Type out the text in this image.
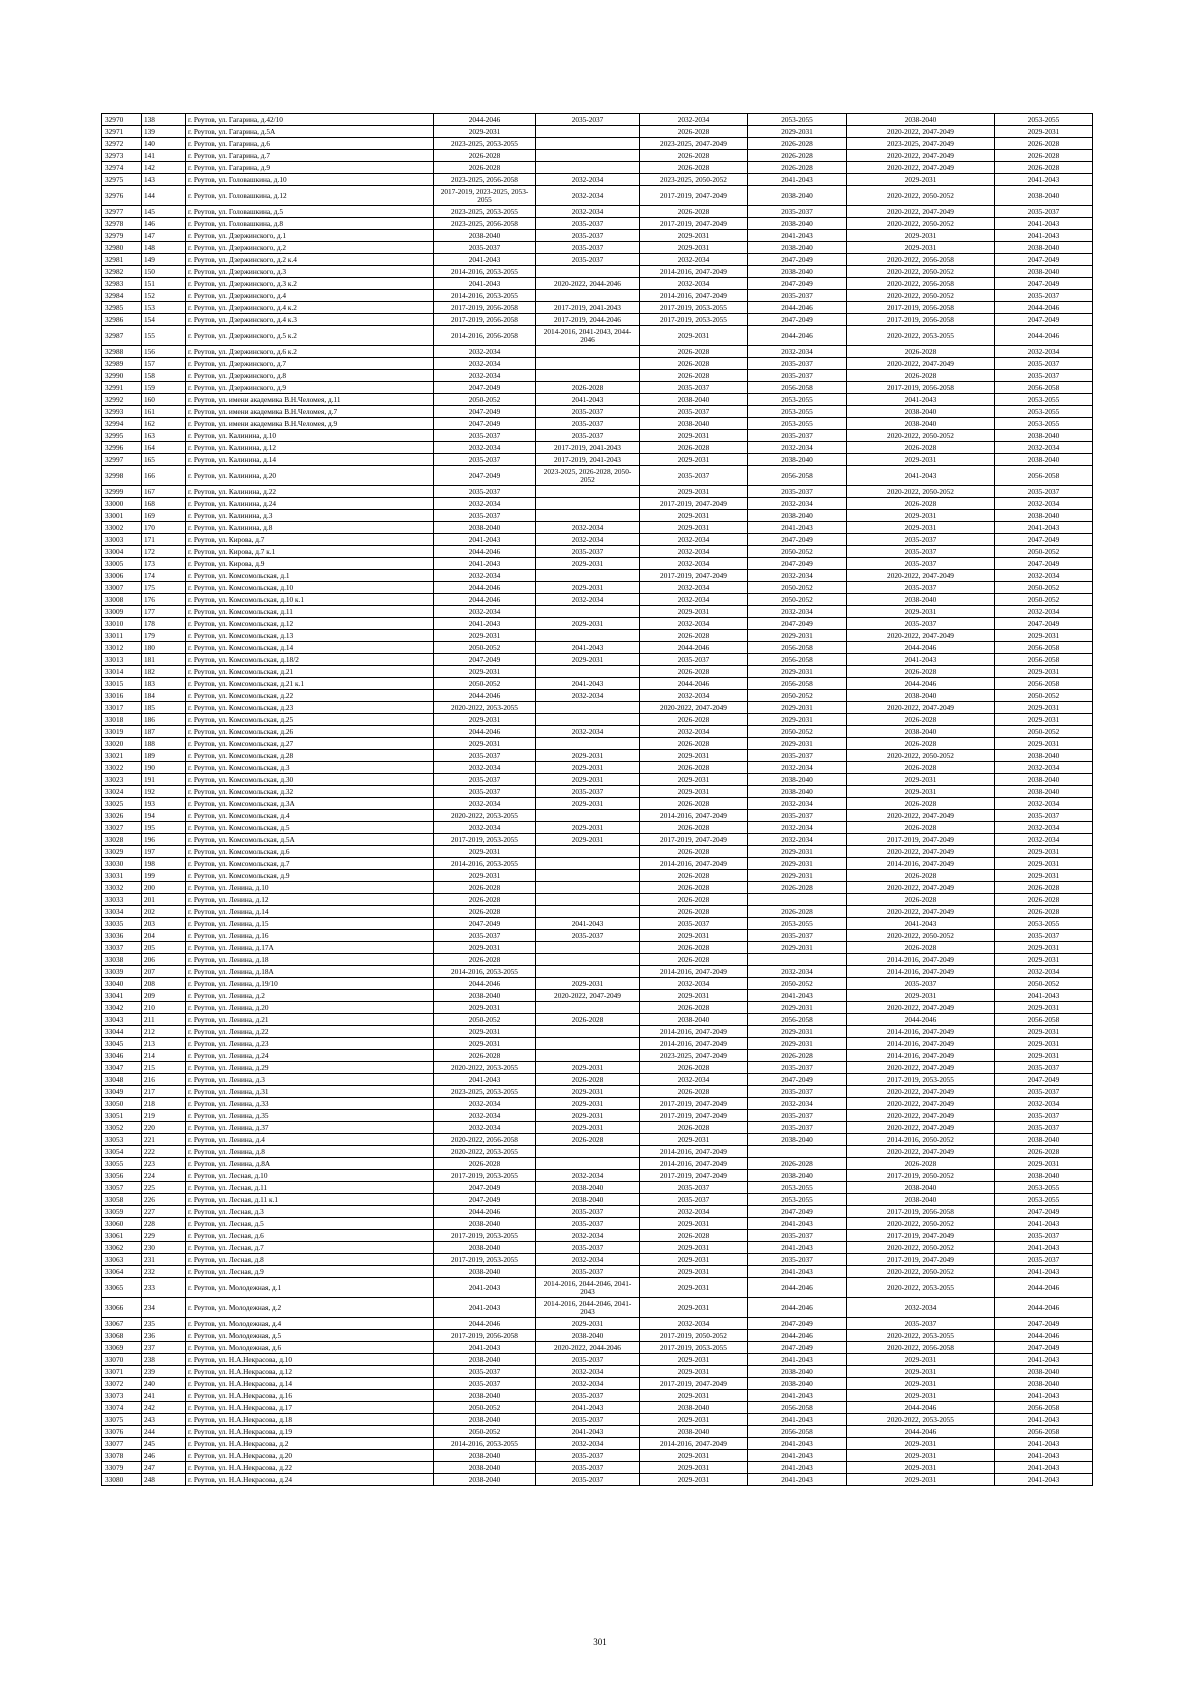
32970	138	г. Реутов, ул. Гагарина, д.42/10	2044-2046	2035-2037	2032-2034	2053-2055	2038-2040	2053-2055
32971	139	г. Реутов, ул. Гагарина, д.5А	2029-2031		2026-2028	2029-2031	2020-2022, 2047-2049	2029-2031
32972	140	г. Реутов, ул. Гагарина, д.6	2023-2025, 2053-2055		2023-2025, 2047-2049	2026-2028	2023-2025, 2047-2049	2026-2028
32973	141	г. Реутов, ул. Гагарина, д.7	2026-2028		2026-2028	2026-2028	2020-2022, 2047-2049	2026-2028
32974	142	г. Реутов, ул. Гагарина, д.9	2026-2028		2026-2028	2026-2028	2020-2022, 2047-2049	2026-2028
32975	143	г. Реутов, ул. Головашкина, д.10	2023-2025, 2056-2058	2032-2034	2023-2025, 2050-2052	2041-2043	2029-2031	2041-2043
32976	144	г. Реутов, ул. Головашкина, д.12	2017-2019, 2023-2025, 2053-2055	2032-2034	2017-2019, 2047-2049	2038-2040	2020-2022, 2050-2052	2038-2040
32977	145	г. Реутов, ул. Головашкина, д.5	2023-2025, 2053-2055	2032-2034	2026-2028	2035-2037	2020-2022, 2047-2049	2035-2037
32978	146	г. Реутов, ул. Головашкина, д.8	2023-2025, 2056-2058	2035-2037	2017-2019, 2047-2049	2038-2040	2020-2022, 2050-2052	2041-2043
32979	147	г. Реутов, ул. Дзержинского, д.1	2038-2040	2035-2037	2029-2031	2041-2043	2029-2031	2041-2043
32980	148	г. Реутов, ул. Дзержинского, д.2	2035-2037	2035-2037	2029-2031	2038-2040	2029-2031	2038-2040
32981	149	г. Реутов, ул. Дзержинского, д.2 к.4	2041-2043	2035-2037	2032-2034	2047-2049	2020-2022, 2056-2058	2047-2049
32982	150	г. Реутов, ул. Дзержинского, д.3	2014-2016, 2053-2055		2014-2016, 2047-2049	2038-2040	2020-2022, 2050-2052	2038-2040
32983	151	г. Реутов, ул. Дзержинского, д.3 к.2	2041-2043	2020-2022, 2044-2046	2032-2034	2047-2049	2020-2022, 2056-2058	2047-2049
32984	152	г. Реутов, ул. Дзержинского, д.4	2014-2016, 2053-2055		2014-2016, 2047-2049	2035-2037	2020-2022, 2050-2052	2035-2037
32985	153	г. Реутов, ул. Дзержинского, д.4 к.2	2017-2019, 2056-2058	2017-2019, 2041-2043	2017-2019, 2053-2055	2044-2046	2017-2019, 2056-2058	2044-2046
32986	154	г. Реутов, ул. Дзержинского, д.4 к.3	2017-2019, 2056-2058	2017-2019, 2044-2046	2017-2019, 2053-2055	2047-2049	2017-2019, 2056-2058	2047-2049
32987	155	г. Реутов, ул. Дзержинского, д.5 к.2	2014-2016, 2056-2058	2014-2016, 2041-2043, 2044-2046	2029-2031	2044-2046	2020-2022, 2053-2055	2044-2046
32988	156	г. Реутов, ул. Дзержинского, д.6 к.2	2032-2034		2026-2028	2032-2034	2026-2028	2032-2034
32989	157	г. Реутов, ул. Дзержинского, д.7	2032-2034		2026-2028	2035-2037	2020-2022, 2047-2049	2035-2037
32990	158	г. Реутов, ул. Дзержинского, д.8	2032-2034		2026-2028	2035-2037	2026-2028	2035-2037
32991	159	г. Реутов, ул. Дзержинского, д.9	2047-2049	2026-2028	2035-2037	2056-2058	2017-2019, 2056-2058	2056-2058
32992	160	г. Реутов, ул. имени академика В.Н.Челомея, д.11	2050-2052	2041-2043	2038-2040	2053-2055	2041-2043	2053-2055
32993	161	г. Реутов, ул. имени академика В.Н.Челомея, д.7	2047-2049	2035-2037	2035-2037	2053-2055	2038-2040	2053-2055
32994	162	г. Реутов, ул. имени академика В.Н.Челомея, д.9	2047-2049	2035-2037	2038-2040	2053-2055	2038-2040	2053-2055
32995	163	г. Реутов, ул. Калинина, д.10	2035-2037	2035-2037	2029-2031	2035-2037	2020-2022, 2050-2052	2038-2040
32996	164	г. Реутов, ул. Калинина, д.12	2032-2034	2017-2019, 2041-2043	2026-2028	2032-2034	2026-2028	2032-2034
32997	165	г. Реутов, ул. Калинина, д.14	2035-2037	2017-2019, 2041-2043	2029-2031	2038-2040	2029-2031	2038-2040
32998	166	г. Реутов, ул. Калинина, д.20	2047-2049	2023-2025, 2026-2028, 2050-2052	2035-2037	2056-2058	2041-2043	2056-2058
32999	167	г. Реутов, ул. Калинина, д.22	2035-2037		2029-2031	2035-2037	2020-2022, 2050-2052	2035-2037
33000	168	г. Реутов, ул. Калинина, д.24	2032-2034		2017-2019, 2047-2049	2032-2034	2026-2028	2032-2034
33001	169	г. Реутов, ул. Калинина, д.3	2035-2037		2029-2031	2038-2040	2029-2031	2038-2040
33002	170	г. Реутов, ул. Калинина, д.8	2038-2040	2032-2034	2029-2031	2041-2043	2029-2031	2041-2043
33003	171	г. Реутов, ул. Кирова, д.7	2041-2043	2032-2034	2032-2034	2047-2049	2035-2037	2047-2049
33004	172	г. Реутов, ул. Кирова, д.7 к.1	2044-2046	2035-2037	2032-2034	2050-2052	2035-2037	2050-2052
33005	173	г. Реутов, ул. Кирова, д.9	2041-2043	2029-2031	2032-2034	2047-2049	2035-2037	2047-2049
33006	174	г. Реутов, ул. Комсомольская, д.1	2032-2034		2017-2019, 2047-2049	2032-2034	2020-2022, 2047-2049	2032-2034
33007	175	г. Реутов, ул. Комсомольская, д.10	2044-2046	2029-2031	2032-2034	2050-2052	2035-2037	2050-2052
33008	176	г. Реутов, ул. Комсомольская, д.10 к.1	2044-2046	2032-2034	2032-2034	2050-2052	2038-2040	2050-2052
33009	177	г. Реутов, ул. Комсомольская, д.11	2032-2034		2029-2031	2032-2034	2029-2031	2032-2034
33010	178	г. Реутов, ул. Комсомольская, д.12	2041-2043	2029-2031	2032-2034	2047-2049	2035-2037	2047-2049
33011	179	г. Реутов, ул. Комсомольская, д.13	2029-2031		2026-2028	2029-2031	2020-2022, 2047-2049	2029-2031
33012	180	г. Реутов, ул. Комсомольская, д.14	2050-2052	2041-2043	2044-2046	2056-2058	2044-2046	2056-2058
33013	181	г. Реутов, ул. Комсомольская, д.18/2	2047-2049	2029-2031	2035-2037	2056-2058	2041-2043	2056-2058
33014	182	г. Реутов, ул. Комсомольская, д.21	2029-2031		2026-2028	2029-2031	2026-2028	2029-2031
33015	183	г. Реутов, ул. Комсомольская, д.21 к.1	2050-2052	2041-2043	2044-2046	2056-2058	2044-2046	2056-2058
33016	184	г. Реутов, ул. Комсомольская, д.22	2044-2046	2032-2034	2032-2034	2050-2052	2038-2040	2050-2052
33017	185	г. Реутов, ул. Комсомольская, д.23	2020-2022, 2053-2055		2020-2022, 2047-2049	2029-2031	2020-2022, 2047-2049	2029-2031
33018	186	г. Реутов, ул. Комсомольская, д.25	2029-2031		2026-2028	2029-2031	2026-2028	2029-2031
33019	187	г. Реутов, ул. Комсомольская, д.26	2044-2046	2032-2034	2032-2034	2050-2052	2038-2040	2050-2052
33020	188	г. Реутов, ул. Комсомольская, д.27	2029-2031		2026-2028	2029-2031	2026-2028	2029-2031
33021	189	г. Реутов, ул. Комсомольская, д.28	2035-2037	2029-2031	2029-2031	2035-2037	2020-2022, 2050-2052	2038-2040
33022	190	г. Реутов, ул. Комсомольская, д.3	2032-2034	2029-2031	2026-2028	2032-2034	2026-2028	2032-2034
33023	191	г. Реутов, ул. Комсомольская, д.30	2035-2037	2029-2031	2029-2031	2038-2040	2029-2031	2038-2040
33024	192	г. Реутов, ул. Комсомольская, д.32	2035-2037	2035-2037	2029-2031	2038-2040	2029-2031	2038-2040
33025	193	г. Реутов, ул. Комсомольская, д.3А	2032-2034	2029-2031	2026-2028	2032-2034	2026-2028	2032-2034
33026	194	г. Реутов, ул. Комсомольская, д.4	2020-2022, 2053-2055		2014-2016, 2047-2049	2035-2037	2020-2022, 2047-2049	2035-2037
33027	195	г. Реутов, ул. Комсомольская, д.5	2032-2034	2029-2031	2026-2028	2032-2034	2026-2028	2032-2034
33028	196	г. Реутов, ул. Комсомольская, д.5А	2017-2019, 2053-2055	2029-2031	2017-2019, 2047-2049	2032-2034	2017-2019, 2047-2049	2032-2034
33029	197	г. Реутов, ул. Комсомольская, д.6	2029-2031		2026-2028	2029-2031	2020-2022, 2047-2049	2029-2031
33030	198	г. Реутов, ул. Комсомольская, д.7	2014-2016, 2053-2055		2014-2016, 2047-2049	2029-2031	2014-2016, 2047-2049	2029-2031
33031	199	г. Реутов, ул. Комсомольская, д.9	2029-2031		2026-2028	2029-2031	2026-2028	2029-2031
33032	200	г. Реутов, ул. Ленина, д.10	2026-2028		2026-2028	2026-2028	2020-2022, 2047-2049	2026-2028
33033	201	г. Реутов, ул. Ленина, д.12	2026-2028		2026-2028		2026-2028	2026-2028
33034	202	г. Реутов, ул. Ленина, д.14	2026-2028		2026-2028	2026-2028	2020-2022, 2047-2049	2026-2028
33035	203	г. Реутов, ул. Ленина, д.15	2047-2049	2041-2043	2035-2037	2053-2055	2041-2043	2053-2055
33036	204	г. Реутов, ул. Ленина, д.16	2035-2037	2035-2037	2029-2031	2035-2037	2020-2022, 2050-2052	2035-2037
33037	205	г. Реутов, ул. Ленина, д.17А	2029-2031		2026-2028	2029-2031	2026-2028	2029-2031
33038	206	г. Реутов, ул. Ленина, д.18	2026-2028		2026-2028		2014-2016, 2047-2049	2029-2031
33039	207	г. Реутов, ул. Ленина, д.18А	2014-2016, 2053-2055		2014-2016, 2047-2049	2032-2034	2014-2016, 2047-2049	2032-2034
33040	208	г. Реутов, ул. Ленина, д.19/10	2044-2046	2029-2031	2032-2034	2050-2052	2035-2037	2050-2052
33041	209	г. Реутов, ул. Ленина, д.2	2038-2040	2020-2022, 2047-2049	2029-2031	2041-2043	2029-2031	2041-2043
33042	210	г. Реутов, ул. Ленина, д.20	2029-2031		2026-2028	2029-2031	2020-2022, 2047-2049	2029-2031
33043	211	г. Реутов, ул. Ленина, д.21	2050-2052	2026-2028	2038-2040	2056-2058	2044-2046	2056-2058
33044	212	г. Реутов, ул. Ленина, д.22	2029-2031		2014-2016, 2047-2049	2029-2031	2014-2016, 2047-2049	2029-2031
33045	213	г. Реутов, ул. Ленина, д.23	2029-2031		2014-2016, 2047-2049	2029-2031	2014-2016, 2047-2049	2029-2031
33046	214	г. Реутов, ул. Ленина, д.24	2026-2028		2023-2025, 2047-2049	2026-2028	2014-2016, 2047-2049	2029-2031
33047	215	г. Реутов, ул. Ленина, д.29	2020-2022, 2053-2055	2029-2031	2026-2028	2035-2037	2020-2022, 2047-2049	2035-2037
33048	216	г. Реутов, ул. Ленина, д.3	2041-2043	2026-2028	2032-2034	2047-2049	2017-2019, 2053-2055	2047-2049
33049	217	г. Реутов, ул. Ленина, д.31	2023-2025, 2053-2055	2029-2031	2026-2028	2035-2037	2020-2022, 2047-2049	2035-2037
33050	218	г. Реутов, ул. Ленина, д.33	2032-2034	2029-2031	2017-2019, 2047-2049	2032-2034	2020-2022, 2047-2049	2032-2034
33051	219	г. Реутов, ул. Ленина, д.35	2032-2034	2029-2031	2017-2019, 2047-2049	2035-2037	2020-2022, 2047-2049	2035-2037
33052	220	г. Реутов, ул. Ленина, д.37	2032-2034	2029-2031	2026-2028	2035-2037	2020-2022, 2047-2049	2035-2037
33053	221	г. Реутов, ул. Ленина, д.4	2020-2022, 2056-2058	2026-2028	2029-2031	2038-2040	2014-2016, 2050-2052	2038-2040
33054	222	г. Реутов, ул. Ленина, д.8	2020-2022, 2053-2055		2014-2016, 2047-2049		2020-2022, 2047-2049	2026-2028
33055	223	г. Реутов, ул. Ленина, д.8А	2026-2028		2014-2016, 2047-2049	2026-2028	2026-2028	2029-2031
33056	224	г. Реутов, ул. Лесная, д.10	2017-2019, 2053-2055	2032-2034	2017-2019, 2047-2049	2038-2040	2017-2019, 2050-2052	2038-2040
33057	225	г. Реутов, ул. Лесная, д.11	2047-2049	2038-2040	2035-2037	2053-2055	2038-2040	2053-2055
33058	226	г. Реутов, ул. Лесная, д.11 к.1	2047-2049	2038-2040	2035-2037	2053-2055	2038-2040	2053-2055
33059	227	г. Реутов, ул. Лесная, д.3	2044-2046	2035-2037	2032-2034	2047-2049	2017-2019, 2056-2058	2047-2049
33060	228	г. Реутов, ул. Лесная, д.5	2038-2040	2035-2037	2029-2031	2041-2043	2020-2022, 2050-2052	2041-2043
33061	229	г. Реутов, ул. Лесная, д.6	2017-2019, 2053-2055	2032-2034	2026-2028	2035-2037	2017-2019, 2047-2049	2035-2037
33062	230	г. Реутов, ул. Лесная, д.7	2038-2040	2035-2037	2029-2031	2041-2043	2020-2022, 2050-2052	2041-2043
33063	231	г. Реутов, ул. Лесная, д.8	2017-2019, 2053-2055	2032-2034	2029-2031	2035-2037	2017-2019, 2047-2049	2035-2037
33064	232	г. Реутов, ул. Лесная, д.9	2038-2040	2035-2037	2029-2031	2041-2043	2020-2022, 2050-2052	2041-2043
33065	233	г. Реутов, ул. Молодежная, д.1	2041-2043	2014-2016, 2044-2046, 2041-2043	2029-2031	2044-2046	2020-2022, 2053-2055	2044-2046
33066	234	г. Реутов, ул. Молодежная, д.2	2041-2043	2014-2016, 2044-2046, 2041-2043	2029-2031	2044-2046	2032-2034	2044-2046
33067	235	г. Реутов, ул. Молодежная, д.4	2044-2046	2029-2031	2032-2034	2047-2049	2035-2037	2047-2049
33068	236	г. Реутов, ул. Молодежная, д.5	2017-2019, 2056-2058	2038-2040	2017-2019, 2050-2052	2044-2046	2020-2022, 2053-2055	2044-2046
33069	237	г. Реутов, ул. Молодежная, д.6	2041-2043	2020-2022, 2044-2046	2017-2019, 2053-2055	2047-2049	2020-2022, 2056-2058	2047-2049
33070	238	г. Реутов, ул. Н.А.Некрасова, д.10	2038-2040	2035-2037	2029-2031	2041-2043	2029-2031	2041-2043
33071	239	г. Реутов, ул. Н.А.Некрасова, д.12	2035-2037	2032-2034	2029-2031	2038-2040	2029-2031	2038-2040
33072	240	г. Реутов, ул. Н.А.Некрасова, д.14	2035-2037	2032-2034	2017-2019, 2047-2049	2038-2040	2029-2031	2038-2040
33073	241	г. Реутов, ул. Н.А.Некрасова, д.16	2038-2040	2035-2037	2029-2031	2041-2043	2029-2031	2041-2043
33074	242	г. Реутов, ул. Н.А.Некрасова, д.17	2050-2052	2041-2043	2038-2040	2056-2058	2044-2046	2056-2058
33075	243	г. Реутов, ул. Н.А.Некрасова, д.18	2038-2040	2035-2037	2029-2031	2041-2043	2020-2022, 2053-2055	2041-2043
33076	244	г. Реутов, ул. Н.А.Некрасова, д.19	2050-2052	2041-2043	2038-2040	2056-2058	2044-2046	2056-2058
33077	245	г. Реутов, ул. Н.А.Некрасова, д.2	2014-2016, 2053-2055	2032-2034	2014-2016, 2047-2049	2041-2043	2029-2031	2041-2043
33078	246	г. Реутов, ул. Н.А.Некрасова, д.20	2038-2040	2035-2037	2029-2031	2041-2043	2029-2031	2041-2043
33079	247	г. Реутов, ул. Н.А.Некрасова, д.22	2038-2040	2035-2037	2029-2031	2041-2043	2029-2031	2041-2043
33080	248	г. Реутов, ул. Н.А.Некрасова, д.24	2038-2040	2035-2037	2029-2031	2041-2043	2029-2031	2041-2043
301
